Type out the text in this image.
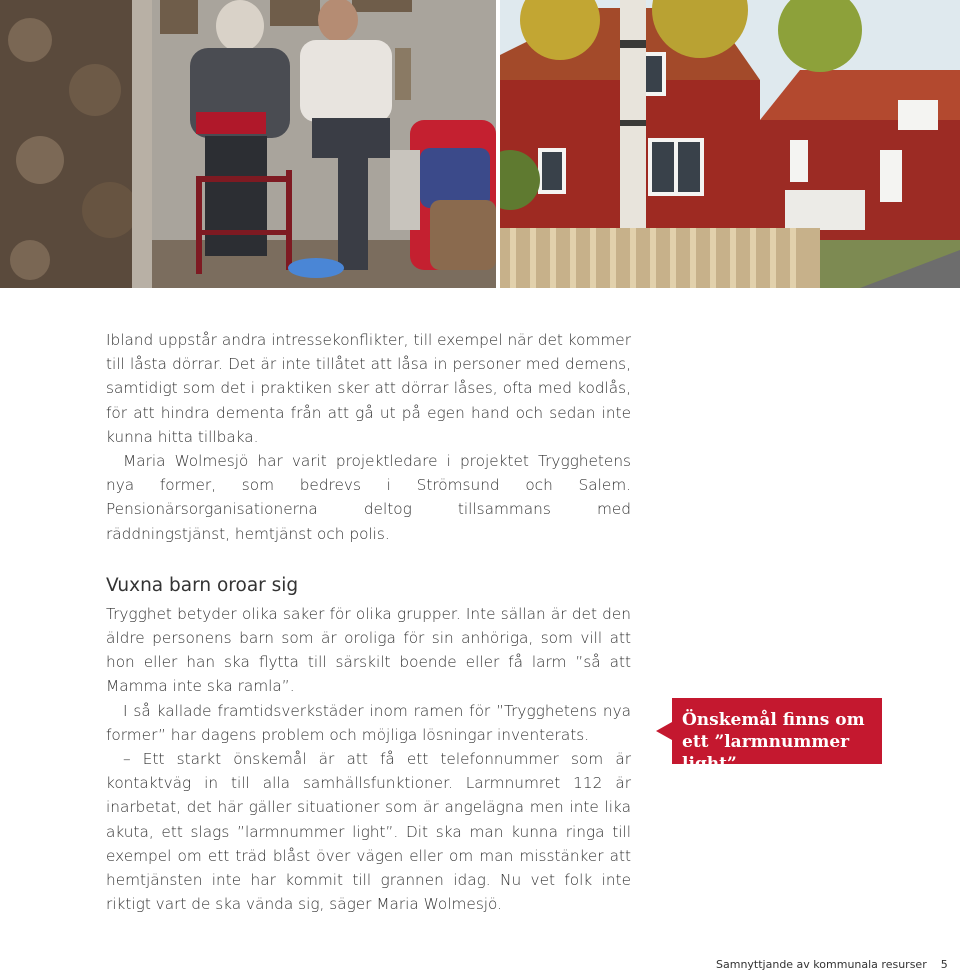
Ibland uppstår andra intressekonflikter, till exempel när det kommer till låsta dörrar. Det är inte tillåtet att låsa in personer med demens, samtidigt som det i praktiken sker att dörrar låses, ofta med kodlås, för att hindra dementa från att gå ut på egen hand och sedan inte kunna hitta tillbaka.

Maria Wolmesjö har varit projektledare i projektet Trygghetens nya former, som bedrevs i Strömsund och Salem. Pensionärsorganisationerna deltog tillsammans med räddningstjänst, hemtjänst och polis.

Vuxna barn oroar sig

Trygghet betyder olika saker för olika grupper. Inte sällan är det den äldre personens barn som är oroliga för sin anhöriga, som vill att hon eller han ska flytta till särskilt boende eller få larm ”så att Mamma inte ska ramla”.

I så kallade framtidsverkstäder inom ramen för ”Trygghetens nya former” har dagens problem och möjliga lösningar inventerats.

– Ett starkt önskemål är att få ett telefonnummer som är kontaktväg in till alla samhällsfunktioner. Larmnumret 112 är inarbetat, det här gäller situationer som är angelägna men inte lika akuta, ett slags ”larmnummer light”. Dit ska man kunna ringa till exempel om ett träd blåst över vägen eller om man misstänker att hemtjänsten inte har kommit till grannen idag. Nu vet folk inte riktigt vart de ska vända sig, säger Maria Wolmesjö.

Önskemål finns om ett ”larmnummer light”
Samnyttjande av kommunala resurser 5
